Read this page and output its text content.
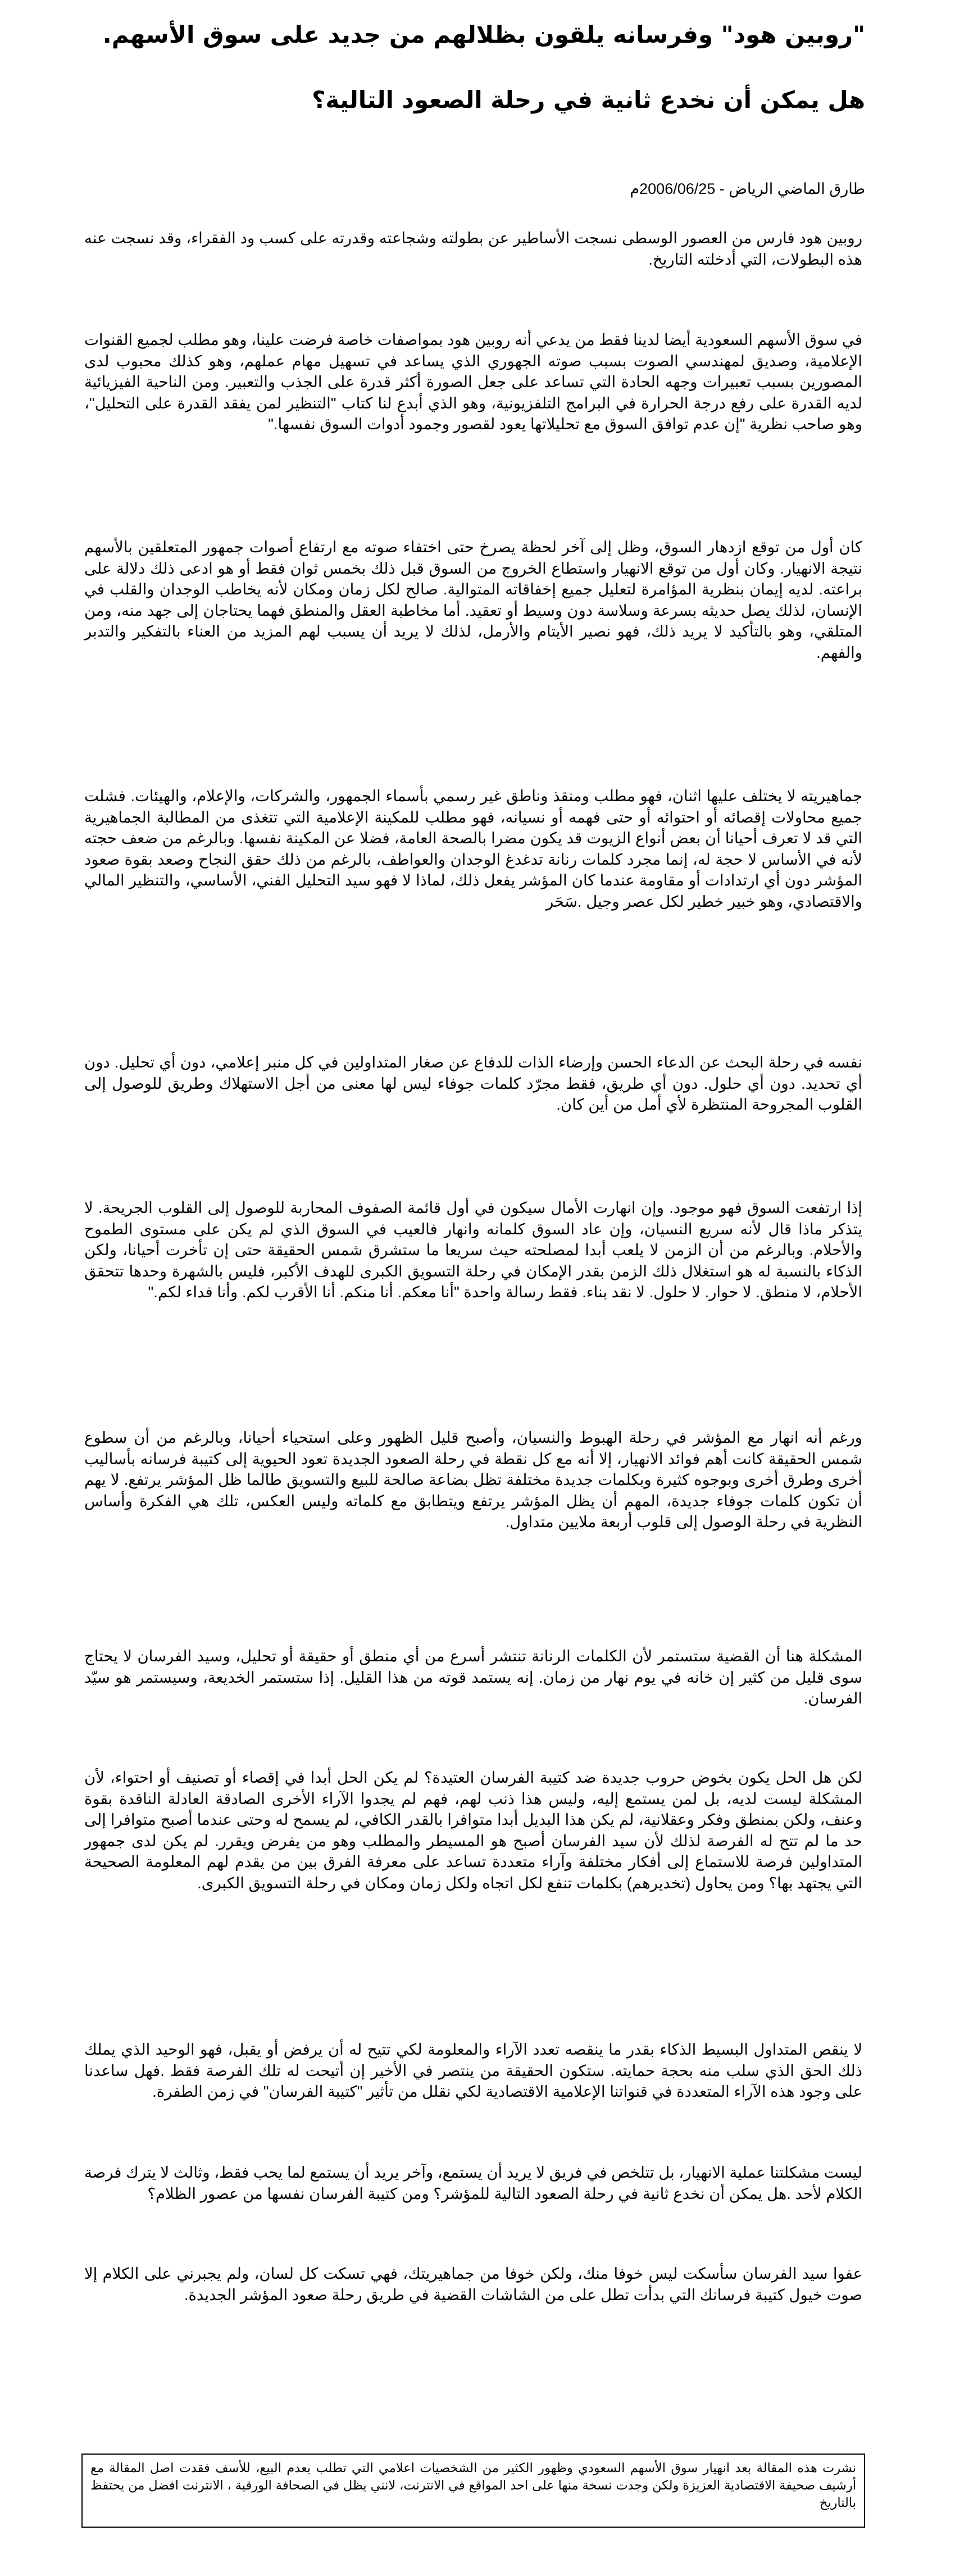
"روبين هود" وفرسانه يلقون بظلالهم من جديد على سوق الأسهم.
هل يمكن أن نخدع ثانية في رحلة الصعود التالية؟
طارق الماضي الرياض - 2006/06/25م

روبين هود فارس من العصور الوسطى نسجت الأساطير عن بطولته وشجاعته وقدرته على كسب ود الفقراء، وقد نسجت عنه هذه البطولات، التي أدخلته التاريخ.

في سوق الأسهم السعودية أيضا لدينا فقط من يدعي أنه روبين هود بمواصفات خاصة فرضت علينا، وهو مطلب لجميع القنوات الإعلامية، وصديق لمهندسي الصوت بسبب صوته الجهوري الذي يساعد في تسهيل مهام عملهم، وهو كذلك محبوب لدى المصورين بسبب تعبيرات وجهه الحادة التي تساعد على جعل الصورة أكثر قدرة على الجذب والتعبير. ومن الناحية الفيزيائية لديه القدرة على رفع درجة الحرارة في البرامج التلفزيونية، وهو الذي أبدع لنا كتاب "التنظير لمن يفقد القدرة على التحليل"، وهو صاحب نظرية "إن عدم توافق السوق مع تحليلاتها يعود لقصور وجمود أدوات السوق نفسها."

كان أول من توقع ازدهار السوق، وظل إلى آخر لحظة يصرخ حتى اختفاء صوته مع ارتفاع أصوات جمهور المتعلقين بالأسهم نتيجة الانهيار. وكان أول من توقع الانهيار واستطاع الخروج من السوق قبل ذلك بخمس ثوان فقط أو هو ادعى ذلك دلالة على براعته. لديه إيمان بنظرية المؤامرة لتعليل جميع إخفاقاته المتوالية. صالح لكل زمان ومكان لأنه يخاطب الوجدان والقلب في الإنسان، لذلك يصل حديثه بسرعة وسلاسة دون وسيط أو تعقيد. أما مخاطبة العقل والمنطق فهما يحتاجان إلى جهد منه، ومن المتلقي، وهو بالتأكيد لا يريد ذلك، فهو نصير الأيتام والأرمل، لذلك لا يريد أن يسبب لهم المزيد من العناء بالتفكير والتدبر والفهم.

جماهيريته لا يختلف عليها اثنان، فهو مطلب ومنقذ وناطق غير رسمي بأسماء الجمهور، والشركات، والإعلام، والهيئات. فشلت جميع محاولات إقصائه أو احتوائه أو حتى فهمه أو نسيانه، فهو مطلب للمكينة الإعلامية التي تتغذى من المطالبة الجماهيرية التي قد لا تعرف أحيانا أن بعض أنواع الزيوت قد يكون مضرا بالصحة العامة، فضلا عن المكينة نفسها. وبالرغم من ضعف حجته لأنه في الأساس لا حجة له، إنما مجرد كلمات رنانة تدغدغ الوجدان والعواطف، بالرغم من ذلك حقق النجاح وصعد بقوة صعود المؤشر دون أي ارتدادات أو مقاومة عندما كان المؤشر يفعل ذلك، لماذا لا فهو سيد التحليل الفني، الأساسي، والتنظير المالي والاقتصادي، وهو خبير خطير لكل عصر وجيل .سَحَر

نفسه في رحلة البحث عن الدعاء الحسن وإرضاء الذات للدفاع عن صغار المتداولين في كل منبر إعلامي، دون أي تحليل. دون أي تحديد. دون أي حلول. دون أي طريق، فقط مجرّد كلمات جوفاء ليس لها معنى من أجل الاستهلاك وطريق للوصول إلى القلوب المجروحة المنتظرة لأي أمل من أين كان.

إذا ارتفعت السوق فهو موجود. وإن انهارت الأمال سيكون في أول قائمة الصفوف المحاربة للوصول إلى القلوب الجريحة. لا يتذكر ماذا قال لأنه سريع النسيان، وإن عاد السوق كلمانه وانهار فالعيب في السوق الذي لم يكن على مستوى الطموح والأحلام. وبالرغم من أن الزمن لا يلعب أبدا لمصلحته حيث سريعا ما ستشرق شمس الحقيقة حتى إن تأخرت أحيانا، ولكن الذكاء بالنسبة له هو استغلال ذلك الزمن بقدر الإمكان في رحلة التسويق الكبرى للهدف الأكبر، فليس بالشهرة وحدها تتحقق الأحلام، لا منطق. لا حوار. لا حلول. لا نقد بناء. فقط رسالة واحدة "أنا معكم. أنا منكم. أنا الأقرب لكم. وأنا فداء لكم."

ورغم أنه انهار مع المؤشر في رحلة الهبوط والنسيان، وأصبح قليل الظهور وعلى استحياء أحيانا، وبالرغم من أن سطوع شمس الحقيقة كانت أهم فوائد الانهيار، إلا أنه مع كل نقطة في رحلة الصعود الجديدة تعود الحيوية إلى كتيبة فرسانه بأساليب أخرى وطرق أخرى وبوجوه كثيرة وبكلمات جديدة مختلفة تظل بضاعة صالحة للبيع والتسويق طالما ظل المؤشر يرتفع. لا يهم أن تكون كلمات جوفاء جديدة، المهم أن يظل المؤشر يرتفع ويتطابق مع كلماته وليس العكس، تلك هي الفكرة وأساس النظرية في رحلة الوصول إلى قلوب أربعة ملايين متداول.

المشكلة هنا أن القضية ستستمر لأن الكلمات الرنانة تنتشر أسرع من أي منطق أو حقيقة أو تحليل، وسيد الفرسان لا يحتاج سوى قليل من كثير إن خانه في يوم نهار من زمان. إنه يستمد قوته من هذا القليل. إذا ستستمر الخديعة، وسيستمر هو سيّد الفرسان.

لكن هل الحل يكون بخوض حروب جديدة ضد كتيبة الفرسان العتيدة؟ لم يكن الحل أبدا في إقصاء أو تصنيف أو احتواء، لأن المشكلة ليست لديه، بل لمن يستمع إليه، وليس هذا ذنب لهم، فهم لم يجدوا الآراء الأخرى الصادقة العادلة الناقدة بقوة وعنف، ولكن بمنطق وفكر وعقلانية، لم يكن هذا البديل أبدا متوافرا بالقدر الكافي، لم يسمح له وحتى عندما أصبح متوافرا إلى حد ما لم تتح له الفرصة لذلك لأن سيد الفرسان أصبح هو المسيطر والمطلب وهو من يفرض ويقرر. لم يكن لدى جمهور المتداولين فرصة للاستماع إلى أفكار مختلفة وآراء متعددة تساعد على معرفة الفرق بين من يقدم لهم المعلومة الصحيحة التي يجتهد بها؟ ومن يحاول (تخديرهم) بكلمات تنفع لكل اتجاه ولكل زمان ومكان في رحلة التسويق الكبرى.

لا ينقص المتداول البسيط الذكاء بقدر ما ينقصه تعدد الآراء والمعلومة لكي تتيح له أن يرفض أو يقبل، فهو الوحيد الذي يملك ذلك الحق الذي سلب منه بحجة حمايته. ستكون الحقيقة من ينتصر في الأخير إن أتيحت له تلك الفرصة فقط .فهل ساعدنا على وجود هذه الآراء المتعددة في قنواتنا الإعلامية الاقتصادية لكي نقلل من تأثير "كتيبة الفرسان" في زمن الطفرة.

ليست مشكلتنا عملية الانهيار، بل تتلخص في فريق لا يريد أن يستمع، وآخر يريد أن يستمع لما يحب فقط، وثالث لا يترك فرصة الكلام لأحد .هل يمكن أن نخدع ثانية في رحلة الصعود التالية للمؤشر؟ ومن كتيبة الفرسان نفسها من عصور الظلام؟

عفوا سيد الفرسان سأسكت ليس خوفا منك، ولكن خوفا من جماهيريتك، فهي تسكت كل لسان، ولم يجبرني على الكلام إلا صوت خيول كتيبة فرسانك التي بدأت تطل على من الشاشات القضية في طريق رحلة صعود المؤشر الجديدة.

نشرت هذه المقالة بعد انهيار سوق الأسهم السعودي وظهور الكثير من الشخصيات اعلامي التي تطلب بعدم البيع، للأسف فقدت اصل المقالة مع أرشيف صحيفة الاقتصادية العزيزة ولكن وجدت نسخة منها على احد المواقع في الانترنت، لانني يظل في الصحافة الورقية ، الانترنت افضل من يحتفظ بالتاريخ
